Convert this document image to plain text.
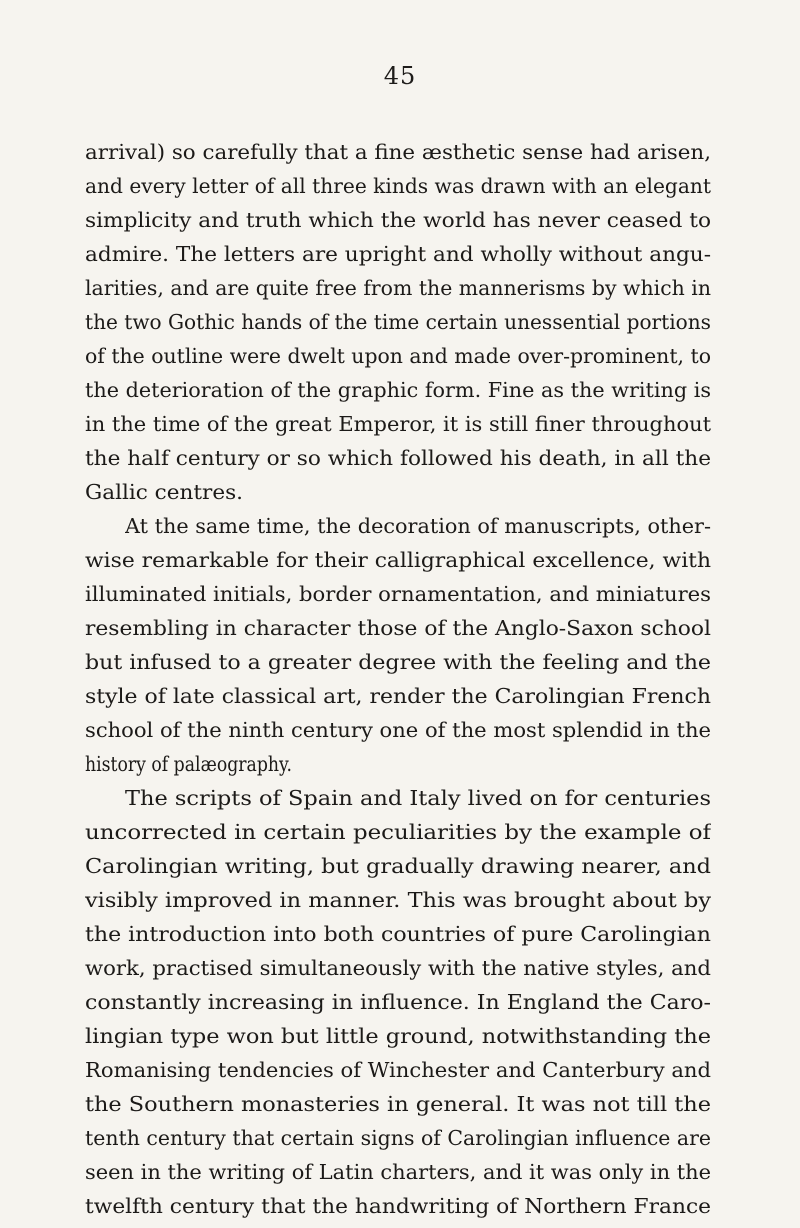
45
arrival) so carefully that a fine æsthetic sense had arisen,
and every letter of all three kinds was drawn with an elegant
simplicity and truth which the world has never ceased to
admire. The letters are upright and wholly without angu-
larities, and are quite free from the mannerisms by which in
the two Gothic hands of the time certain unessential portions
of the outline were dwelt upon and made over-prominent, to
the deterioration of the graphic form. Fine as the writing is
in the time of the great Emperor, it is still finer throughout
the half century or so which followed his death, in all the
Gallic centres.
At the same time, the decoration of manuscripts, other-
wise remarkable for their calligraphical excellence, with
illuminated initials, border ornamentation, and miniatures
resembling in character those of the Anglo-Saxon school
but infused to a greater degree with the feeling and the
style of late classical art, render the Carolingian French
school of the ninth century one of the most splendid in the
history of palæography.
The scripts of Spain and Italy lived on for centuries
uncorrected in certain peculiarities by the example of
Carolingian writing, but gradually drawing nearer, and
visibly improved in manner. This was brought about by
the introduction into both countries of pure Carolingian
work, practised simultaneously with the native styles, and
constantly increasing in influence. In England the Caro-
lingian type won but little ground, notwithstanding the
Romanising tendencies of Winchester and Canterbury and
the Southern monasteries in general. It was not till the
tenth century that certain signs of Carolingian influence are
seen in the writing of Latin charters, and it was only in the
twelfth century that the handwriting of Northern France
